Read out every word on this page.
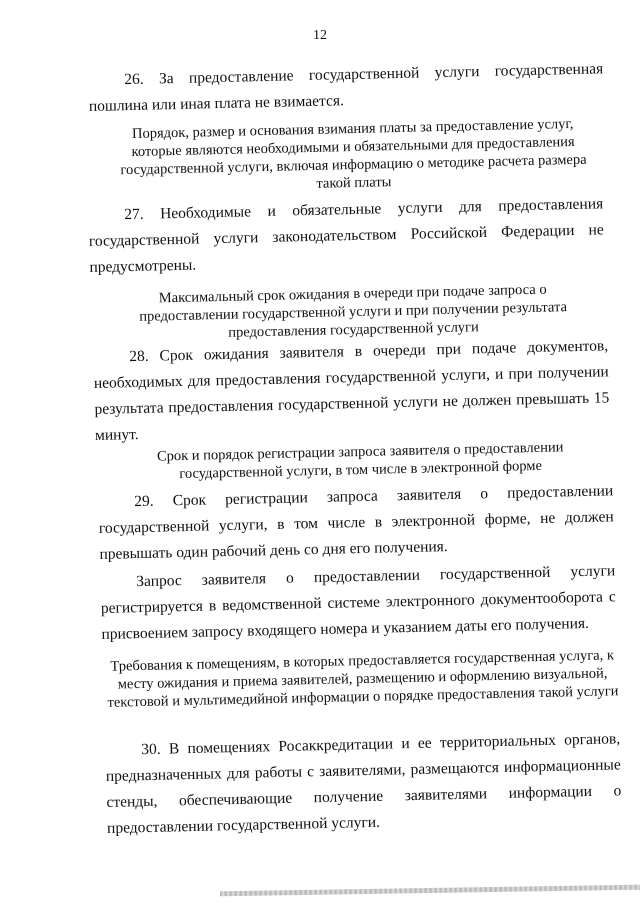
12

26. За предоставление государственной услуги государственная пошлина или иная плата не взимается.

Порядок, размер и основания взимания платы за предоставление услуг, которые являются необходимыми и обязательными для предоставления государственной услуги, включая информацию о методике расчета размера такой платы

27. Необходимые и обязательные услуги для предоставления государственной услуги законодательством Российской Федерации не предусмотрены.

Максимальный срок ожидания в очереди при подаче запроса о предоставлении государственной услуги и при получении результата предоставления государственной услуги

28. Срок ожидания заявителя в очереди при подаче документов, необходимых для предоставления государственной услуги, и при получении результата предоставления государственной услуги не должен превышать 15 минут.

Срок и порядок регистрации запроса заявителя о предоставлении государственной услуги, в том числе в электронной форме

29. Срок регистрации запроса заявителя о предоставлении государственной услуги, в том числе в электронной форме, не должен превышать один рабочий день со дня его получения.

Запрос заявителя о предоставлении государственной услуги регистрируется в ведомственной системе электронного документооборота с присвоением запросу входящего номера и указанием даты его получения.

Требования к помещениям, в которых предоставляется государственная услуга, к месту ожидания и приема заявителей, размещению и оформлению визуальной, текстовой и мультимедийной информации о порядке предоставления такой услуги

30. В помещениях Росаккредитации и ее территориальных органов, предназначенных для работы с заявителями, размещаются информационные стенды, обеспечивающие получение заявителями информации о предоставлении государственной услуги.
